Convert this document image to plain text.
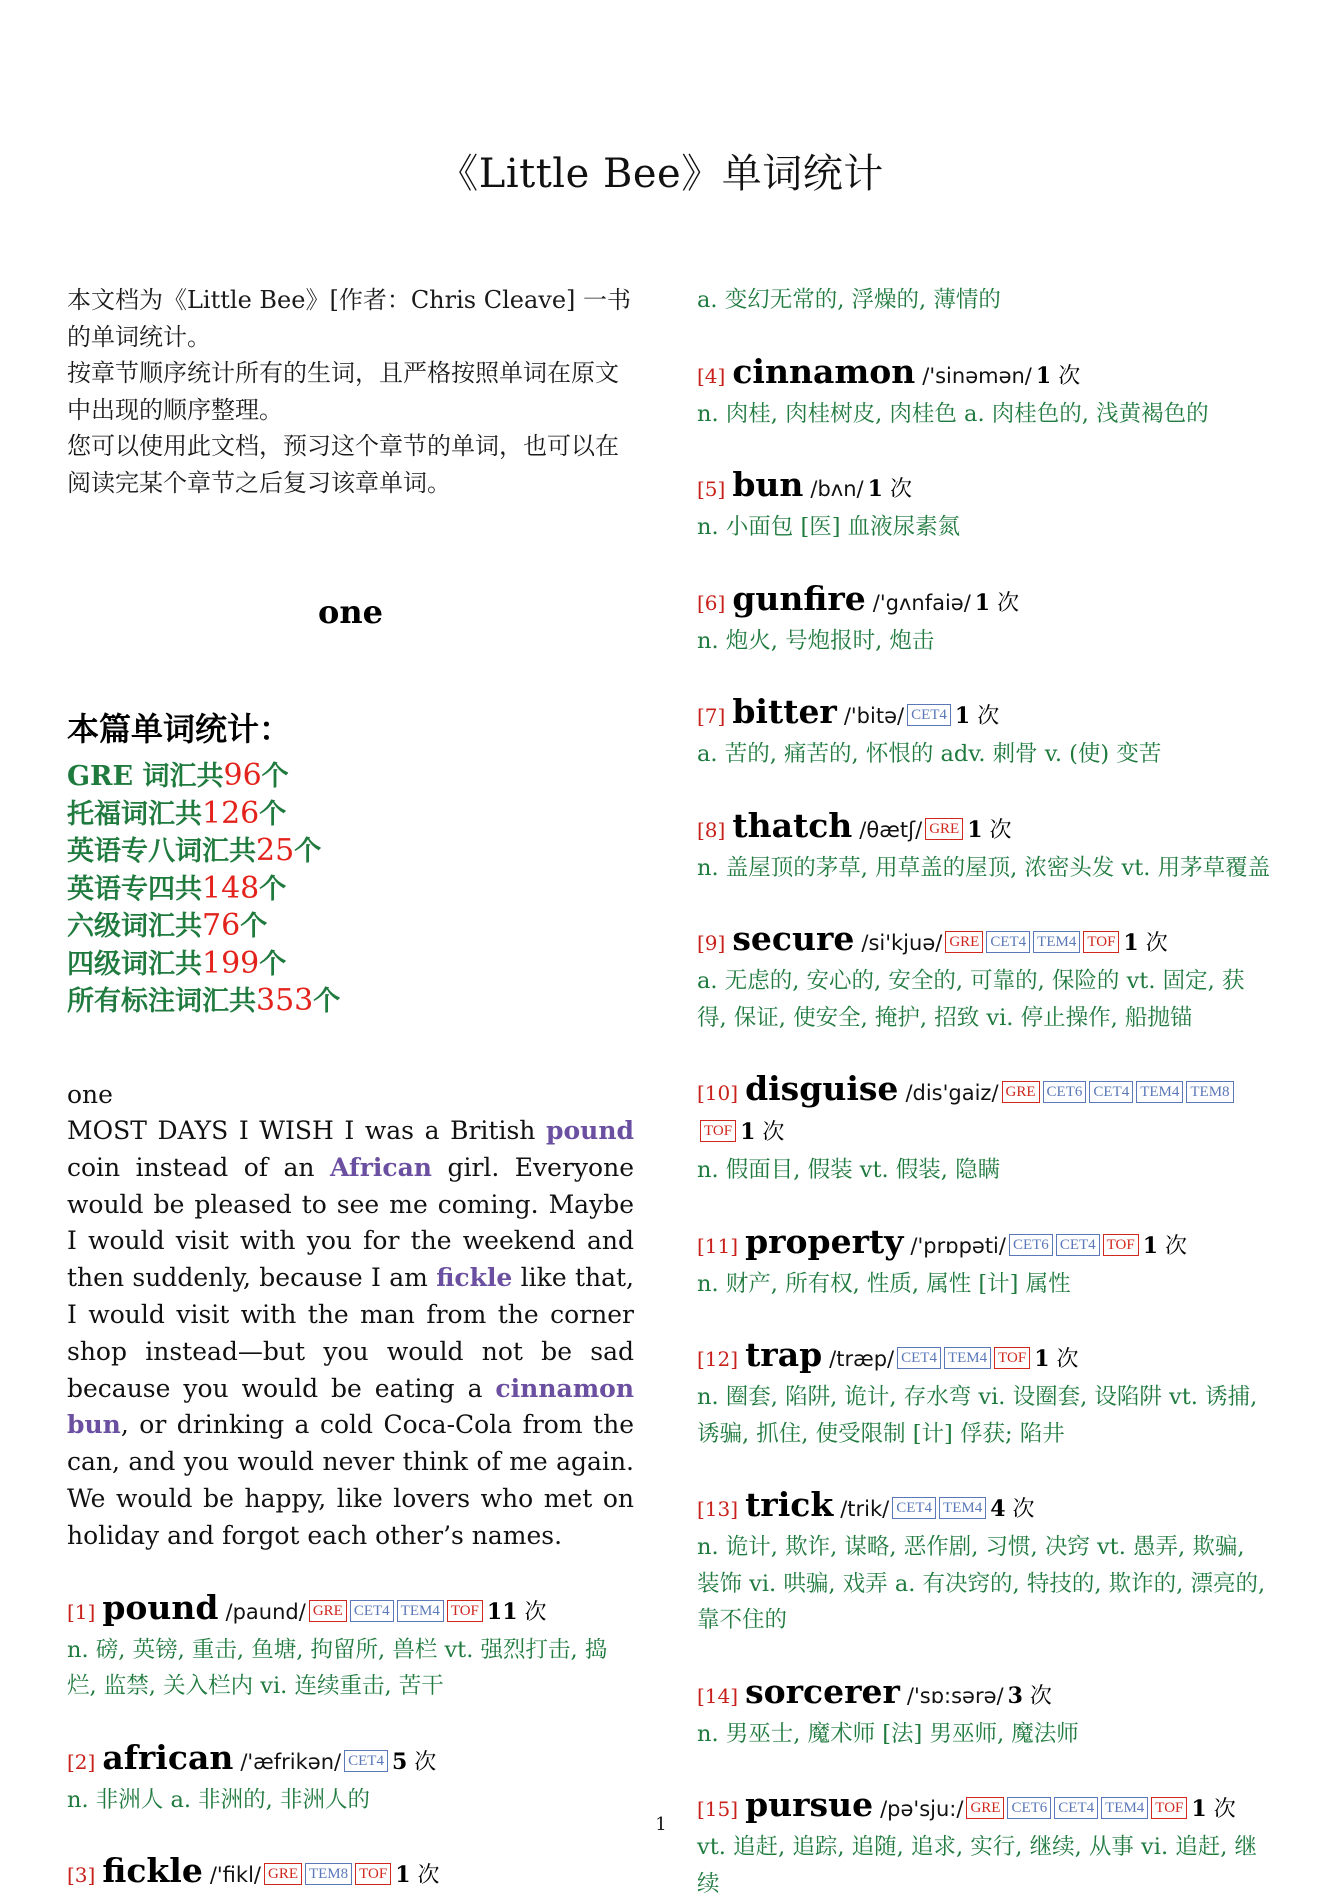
《Little Bee》单词统计

本文档为《Little Bee》[作者：Chris Cleave] 一书的单词统计。

按章节顺序统计所有的生词，且严格按照单词在原文中出现的顺序整理。

您可以使用此文档，预习这个章节的单词，也可以在阅读完某个章节之后复习该章单词。

one
本篇单词统计：
GRE 词汇共96个
托福词汇共126个
英语专八词汇共25个
英语专四共148个
六级词汇共76个
四级词汇共199个
所有标注词汇共353个
one

MOST DAYS I WISH I was a British pound coin instead of an African girl. Everyone would be pleased to see me coming. Maybe I would visit with you for the weekend and then suddenly, because I am fickle like that, I would visit with the man from the corner shop instead—but you would not be sad because you would be eating a cinnamon bun, or drinking a cold Coca-Cola from the can, and you would never think of me again. We would be happy, like lovers who met on holiday and forgot each other’s names.

[1] pound /paund/ GRE CET4 TEM4 TOF 11 次
n. 磅, 英镑, 重击, 鱼塘, 拘留所, 兽栏 vt. 强烈打击, 捣烂, 监禁, 关入栏内 vi. 连续重击, 苦干
[2] african /'æfrikən/ CET4 5 次
n. 非洲人 a. 非洲的, 非洲人的
[3] fickle /'fikl/ GRE TEM8 TOF 1 次
a. 变幻无常的, 浮燥的, 薄情的
[4] cinnamon /'sinəmən/ 1 次
n. 肉桂, 肉桂树皮, 肉桂色 a. 肉桂色的, 浅黄褐色的
[5] bun /bʌn/ 1 次
n. 小面包 [医] 血液尿素氮
[6] gunfire /'gʌnfaiə/ 1 次
n. 炮火, 号炮报时, 炮击
[7] bitter /'bitə/ CET4 1 次
a. 苦的, 痛苦的, 怀恨的 adv. 刺骨 v. (使) 变苦
[8] thatch /θætʃ/ GRE 1 次
n. 盖屋顶的茅草, 用草盖的屋顶, 浓密头发 vt. 用茅草覆盖
[9] secure /si'kjuə/ GRE CET4 TEM4 TOF 1 次
a. 无虑的, 安心的, 安全的, 可靠的, 保险的 vt. 固定, 获得, 保证, 使安全, 掩护, 招致 vi. 停止操作, 船抛锚
[10] disguise /dis'gaiz/ GRE CET6 CET4 TEM4 TEM8TOF 1 次
n. 假面目, 假装 vt. 假装, 隐瞒
[11] property /'prɒpəti/ CET6 CET4 TOF 1 次
n. 财产, 所有权, 性质, 属性 [计] 属性
[12] trap /træp/ CET4 TEM4 TOF 1 次
n. 圈套, 陷阱, 诡计, 存水弯 vi. 设圈套, 设陷阱 vt. 诱捕, 诱骗, 抓住, 使受限制 [计] 俘获; 陷井
[13] trick /trik/ CET4 TEM4 4 次
n. 诡计, 欺诈, 谋略, 恶作剧, 习惯, 决窍 vt. 愚弄, 欺骗, 装饰 vi. 哄骗, 戏弄 a. 有决窍的, 特技的, 欺诈的, 漂亮的, 靠不住的
[14] sorcerer /'sɒ:sərə/ 3 次
n. 男巫士, 魔术师 [法] 男巫师, 魔法师
[15] pursue /pə'sju:/ GRE CET6 CET4 TEM4 TOF 1 次
vt. 追赶, 追踪, 追随, 追求, 实行, 继续, 从事 vi. 追赶, 继续
1
